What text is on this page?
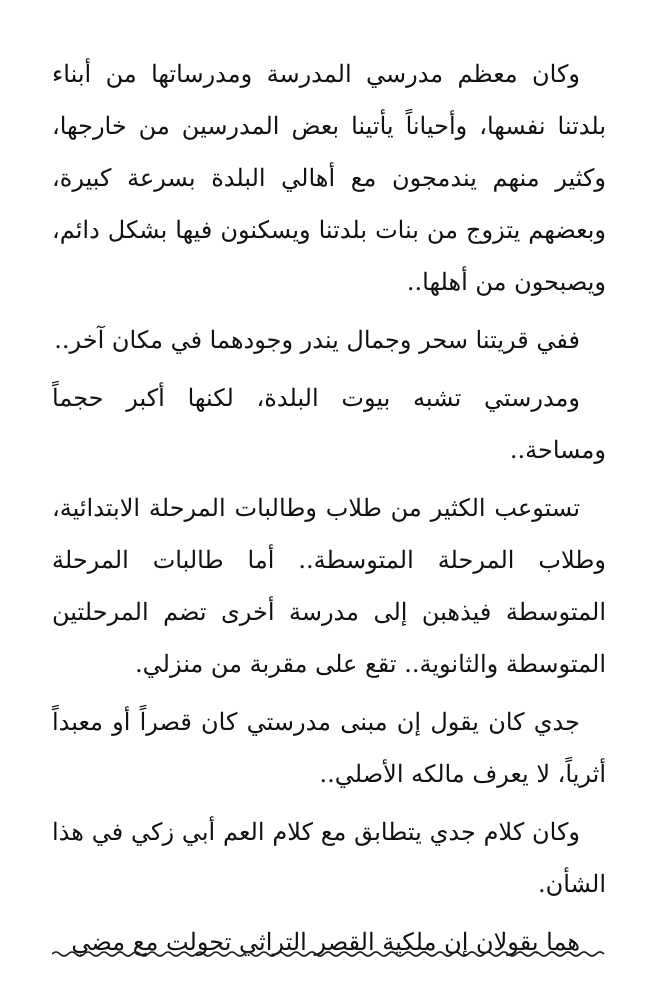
وكان معظم مدرسي المدرسة ومدرساتها من أبناء بلدتنا نفسها، وأحياناً يأتينا بعض المدرسين من خارجها، وكثير منهم يندمجون مع أهالي البلدة بسرعة كبيرة، وبعضهم يتزوج من بنات بلدتنا ويسكنون فيها بشكل دائم، ويصبحون من أهلها..

ففي قريتنا سحر وجمال يندر وجودهما في مكان آخر..

ومدرستي تشبه بيوت البلدة، لكنها أكبر حجماً ومساحة..

تستوعب الكثير من طلاب وطالبات المرحلة الابتدائية، وطلاب المرحلة المتوسطة.. أما طالبات المرحلة المتوسطة فيذهبن إلى مدرسة أخرى تضم المرحلتين المتوسطة والثانوية.. تقع على مقربة من منزلي.

جدي كان يقول إن مبنى مدرستي كان قصراً أو معبداً أثرياً، لا يعرف مالكه الأصلي..

وكان كلام جدي يتطابق مع كلام العم أبي زكي في هذا الشأن.

هما يقولان إن ملكية القصر التراثي تحولت مع مضي
